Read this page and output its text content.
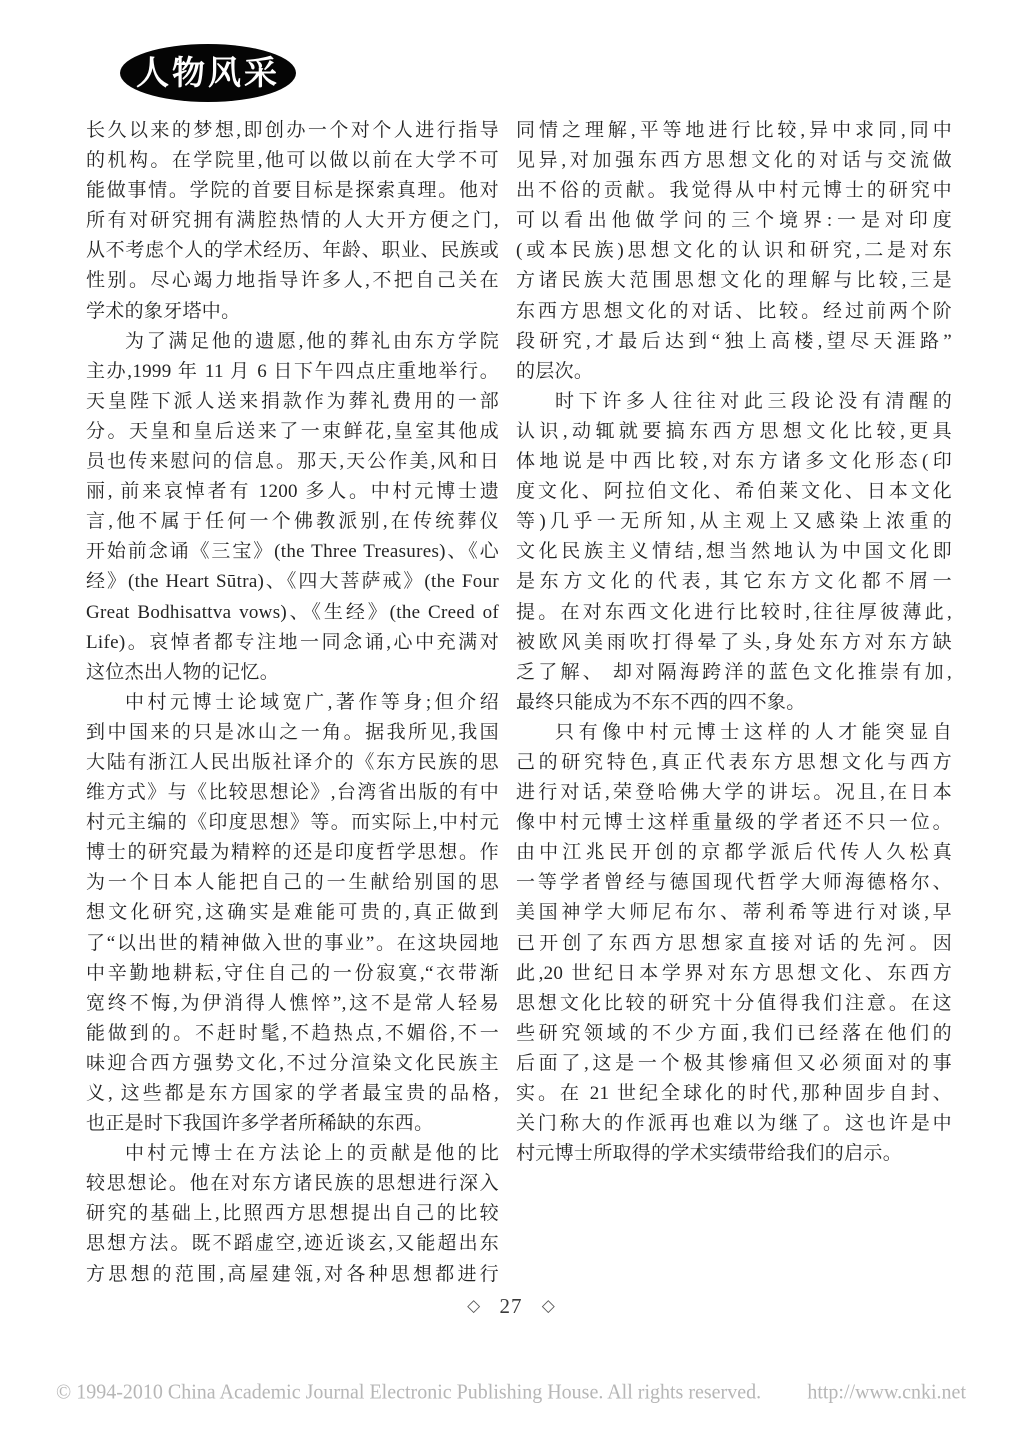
人物风采
长久以来的梦想,即创办一个对个人进行指导
的机构。在学院里,他可以做以前在大学不可
能做事情。学院的首要目标是探索真理。他对
所有对研究拥有满腔热情的人大开方便之门,
从不考虑个人的学术经历、年龄、职业、民族或
性别。尽心竭力地指导许多人,不把自己关在
学术的象牙塔中。
为了满足他的遗愿,他的葬礼由东方学院
主办,1999 年 11 月 6 日下午四点庄重地举行。
天皇陛下派人送来捐款作为葬礼费用的一部
分。天皇和皇后送来了一束鲜花,皇室其他成
员也传来慰问的信息。那天,天公作美,风和日
丽, 前来哀悼者有 1200 多人。中村元博士遗
言,他不属于任何一个佛教派别,在传统葬仪
开始前念诵《三宝》(the Three Treasures)、《心
经》(the Heart Sūtra)、《四大菩萨戒》(the Four
Great Bodhisattva vows)、《生经》(the Creed of
Life)。哀悼者都专注地一同念诵,心中充满对
这位杰出人物的记忆。
中村元博士论域宽广,著作等身;但介绍
到中国来的只是冰山之一角。据我所见,我国
大陆有浙江人民出版社译介的《东方民族的思
维方式》与《比较思想论》,台湾省出版的有中
村元主编的《印度思想》等。而实际上,中村元
博士的研究最为精粹的还是印度哲学思想。作
为一个日本人能把自己的一生献给别国的思
想文化研究,这确实是难能可贵的,真正做到
了“以出世的精神做入世的事业”。在这块园地
中辛勤地耕耘,守住自己的一份寂寞,“衣带渐
宽终不悔,为伊消得人憔悴”,这不是常人轻易
能做到的。不赶时髦,不趋热点,不媚俗,不一
味迎合西方强势文化,不过分渲染文化民族主
义, 这些都是东方国家的学者最宝贵的品格,
也正是时下我国许多学者所稀缺的东西。
中村元博士在方法论上的贡献是他的比
较思想论。他在对东方诸民族的思想进行深入
研究的基础上,比照西方思想提出自己的比较
思想方法。既不蹈虚空,迹近谈玄,又能超出东
方思想的范围,高屋建瓴,对各种思想都进行
同情之理解,平等地进行比较,异中求同,同中
见异,对加强东西方思想文化的对话与交流做
出不俗的贡献。我觉得从中村元博士的研究中
可以看出他做学问的三个境界:一是对印度
(或本民族)思想文化的认识和研究,二是对东
方诸民族大范围思想文化的理解与比较,三是
东西方思想文化的对话、比较。经过前两个阶
段研究,才最后达到“独上高楼,望尽天涯路”
的层次。
时下许多人往往对此三段论没有清醒的
认识,动辄就要搞东西方思想文化比较,更具
体地说是中西比较,对东方诸多文化形态(印
度文化、阿拉伯文化、希伯莱文化、日本文化
等)几乎一无所知,从主观上又感染上浓重的
文化民族主义情结,想当然地认为中国文化即
是东方文化的代表, 其它东方文化都不屑一
提。在对东西文化进行比较时,往往厚彼薄此,
被欧风美雨吹打得晕了头,身处东方对东方缺
乏了解、 却对隔海跨洋的蓝色文化推崇有加,
最终只能成为不东不西的四不象。
只有像中村元博士这样的人才能突显自
己的研究特色,真正代表东方思想文化与西方
进行对话,荣登哈佛大学的讲坛。况且,在日本
像中村元博士这样重量级的学者还不只一位。
由中江兆民开创的京都学派后代传人久松真
一等学者曾经与德国现代哲学大师海德格尔、
美国神学大师尼布尔、蒂利希等进行对谈,早
已开创了东西方思想家直接对话的先河。因
此,20 世纪日本学界对东方思想文化、东西方
思想文化比较的研究十分值得我们注意。在这
些研究领域的不少方面,我们已经落在他们的
后面了,这是一个极其惨痛但又必须面对的事
实。在 21 世纪全球化的时代,那种固步自封、
关门称大的作派再也难以为继了。这也许是中
村元博士所取得的学术实绩带给我们的启示。
◇ 27 ◇
© 1994-2010 China Academic Journal Electronic Publishing House. All rights reserved. http://www.cnki.net
